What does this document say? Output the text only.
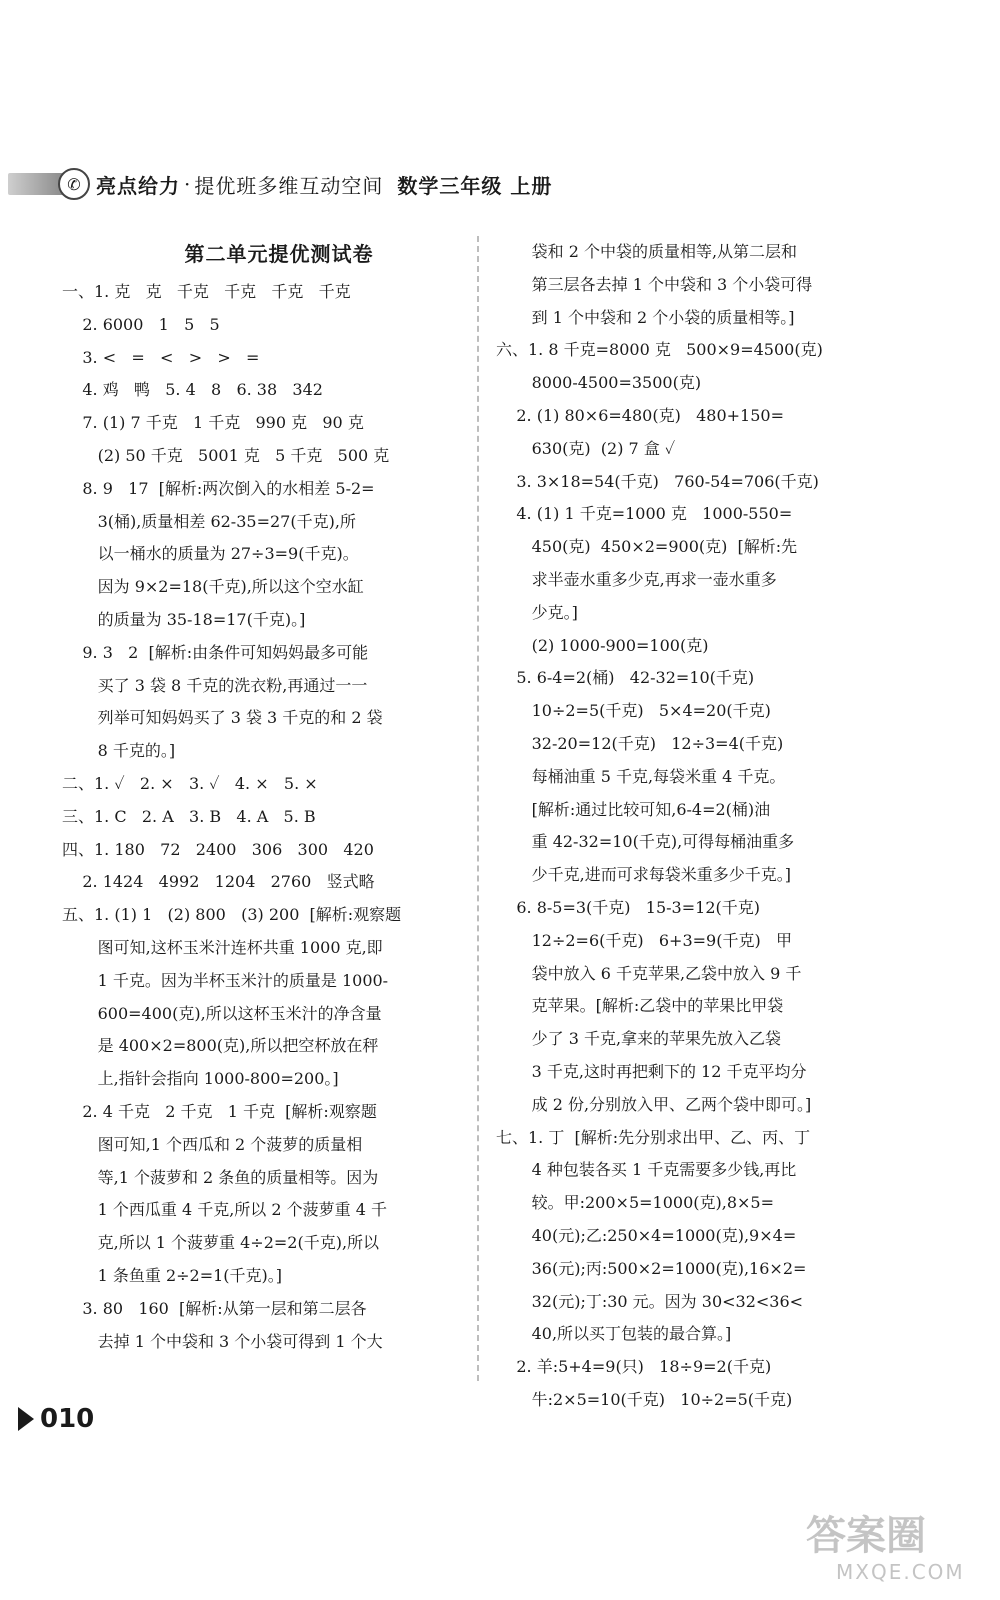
✆ 亮点给力 · 提优班多维互动空间 数学三年级 上册
第二单元提优测试卷
一、1. 克   克   千克   千克   千克   千克
2. 6000   1   5   5
3. <   =   <   >   >   =
4. 鸡   鸭   5. 4   8   6. 38   342
7. (1) 7 千克   1 千克   990 克   90 克
(2) 50 千克   5001 克   5 千克   500 克
8. 9   17  [解析:两次倒入的水相差 5-2=
3(桶),质量相差 62-35=27(千克),所
以一桶水的质量为 27÷3=9(千克)。
因为 9×2=18(千克),所以这个空水缸
的质量为 35-18=17(千克)。]
9. 3   2  [解析:由条件可知妈妈最多可能
买了 3 袋 8 千克的洗衣粉,再通过一一
列举可知妈妈买了 3 袋 3 千克的和 2 袋
8 千克的。]
二、1. ✓   2. ×   3. ✓   4. ×   5. ×
三、1. C   2. A   3. B   4. A   5. B
四、1. 180   72   2400   306   300   420
2. 1424   4992   1204   2760   竖式略
五、1. (1) 1   (2) 800   (3) 200  [解析:观察题
图可知,这杯玉米汁连杯共重 1000 克,即
1 千克。因为半杯玉米汁的质量是 1000-
600=400(克),所以这杯玉米汁的净含量
是 400×2=800(克),所以把空杯放在秤
上,指针会指向 1000-800=200。]
2. 4 千克   2 千克   1 千克  [解析:观察题
图可知,1 个西瓜和 2 个菠萝的质量相
等,1 个菠萝和 2 条鱼的质量相等。因为
1 个西瓜重 4 千克,所以 2 个菠萝重 4 千
克,所以 1 个菠萝重 4÷2=2(千克),所以
1 条鱼重 2÷2=1(千克)。]
3. 80   160  [解析:从第一层和第二层各
去掉 1 个中袋和 3 个小袋可得到 1 个大
袋和 2 个中袋的质量相等,从第二层和
第三层各去掉 1 个中袋和 3 个小袋可得
到 1 个中袋和 2 个小袋的质量相等。]
六、1. 8 千克=8000 克   500×9=4500(克)
8000-4500=3500(克)
2. (1) 80×6=480(克)   480+150=
630(克)  (2) 7 盒 ✓
3. 3×18=54(千克)   760-54=706(千克)
4. (1) 1 千克=1000 克   1000-550=
450(克)  450×2=900(克)  [解析:先
求半壶水重多少克,再求一壶水重多
少克。]
(2) 1000-900=100(克)
5. 6-4=2(桶)   42-32=10(千克)
10÷2=5(千克)   5×4=20(千克)
32-20=12(千克)   12÷3=4(千克)
每桶油重 5 千克,每袋米重 4 千克。
[解析:通过比较可知,6-4=2(桶)油
重 42-32=10(千克),可得每桶油重多
少千克,进而可求每袋米重多少千克。]
6. 8-5=3(千克)   15-3=12(千克)
12÷2=6(千克)   6+3=9(千克)   甲
袋中放入 6 千克苹果,乙袋中放入 9 千
克苹果。[解析:乙袋中的苹果比甲袋
少了 3 千克,拿来的苹果先放入乙袋
3 千克,这时再把剩下的 12 千克平均分
成 2 份,分别放入甲、乙两个袋中即可。]
七、1. 丁  [解析:先分别求出甲、乙、丙、丁
4 种包装各买 1 千克需要多少钱,再比
较。甲:200×5=1000(克),8×5=
40(元);乙:250×4=1000(克),9×4=
36(元);丙:500×2=1000(克),16×2=
32(元);丁:30 元。因为 30<32<36<
40,所以买丁包装的最合算。]
2. 羊:5+4=9(只)   18÷9=2(千克)
牛:2×5=10(千克)   10÷2=5(千克)
010
答案圈
MXQE.COM
